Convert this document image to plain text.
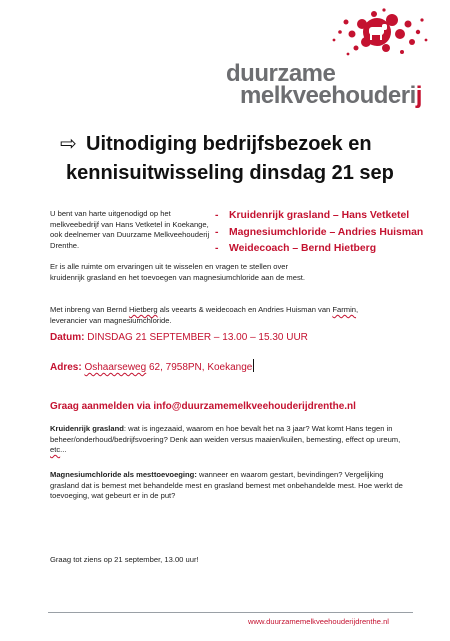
duurzame
melkveehouderij
⇨ Uitnodiging bedrijfsbezoek en
kennisuitwisseling dinsdag 21 sep

U bent van harte uitgenodigd op het melkveebedrijf van Hans Vetketel in Koekange, ook deelnemer van Duurzame Melkveehouderij Drenthe.

Er is alle ruimte om ervaringen uit te wisselen en vragen te stellen over kruidenrijk grasland en het toevoegen van magnesiumchloride aan de mest.

Met inbreng van Bernd Hietberg als veearts & weidecoach en Andries Huisman van Farmin, leverancier van magnesiumchloride.

- Kruidenrijk grasland – Hans Vetketel
- Magnesiumchloride – Andries Huisman
- Weidecoach – Bernd Hietberg
Datum: DINSDAG 21 SEPTEMBER – 13.00 – 15.30 UUR
Adres: Oshaarseweg 62, 7958PN, Koekange
Graag aanmelden via info@duurzamemelkveehouderijdrenthe.nl

Kruidenrijk grasland: wat is ingezaaid, waarom en hoe bevalt het na 3 jaar? Wat komt Hans tegen in beheer/onderhoud/bedrijfsvoering? Denk aan weiden versus maaien/kuilen, bemesting, effect op ureum, etc...

Magnesiumchloride als mesttoevoeging: wanneer en waarom gestart, bevindingen? Vergelijking grasland dat is bemest met behandelde mest en grasland bemest met onbehandelde mest. Hoe werkt de toevoeging, wat gebeurt er in de put?

Graag tot ziens op 21 september, 13.00 uur!

www.duurzamemelkveehouderijdrenthe.nl
